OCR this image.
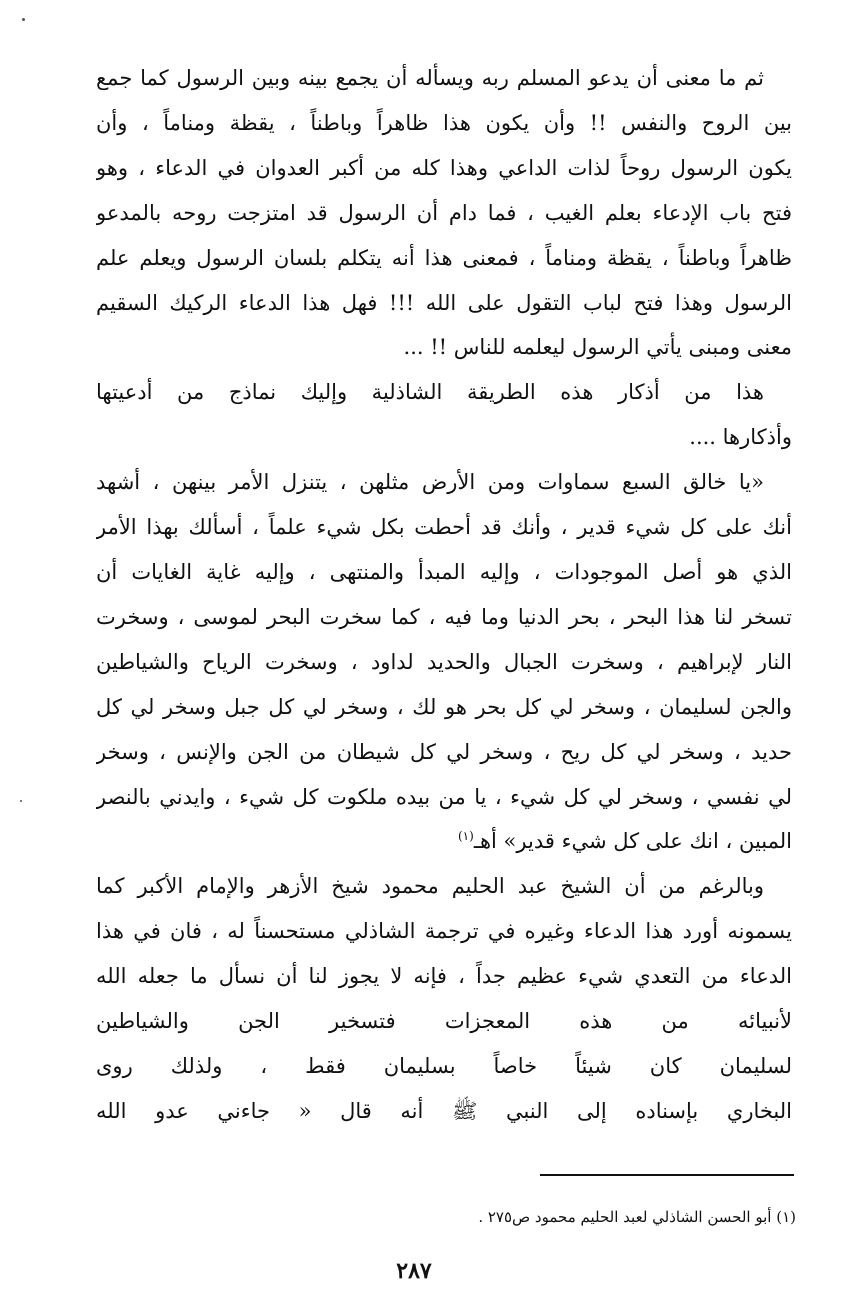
ثم ما معنى أن يدعو المسلم ربه ويسأله أن يجمع بينه وبين الرسول كما جمع
بين الروح والنفس !! وأن يكون هذا ظاهراً وباطناً ، يقظة ومناماً ، وأن
يكون الرسول روحاً لذات الداعي وهذا كله من أكبر العدوان في الدعاء ، وهو
فتح باب الإدعاء بعلم الغيب ، فما دام أن الرسول قد امتزجت روحه بالمدعو
ظاهراً وباطناً ، يقظة ومناماً ، فمعنى هذا أنه يتكلم بلسان الرسول ويعلم علم
الرسول وهذا فتح لباب التقول على الله !!! فهل هذا الدعاء الركيك السقيم
معنى ومبنى يأتي الرسول ليعلمه للناس !! ...

هذا من أذكار هذه الطريقة الشاذلية وإليك نماذج من أدعيتها
وأذكارها ....

«يا خالق السبع سماوات ومن الأرض مثلهن ، يتنزل الأمر بينهن ، أشهد
أنك على كل شيء قدير ، وأنك قد أحطت بكل شيء علماً ، أسألك بهذا الأمر
الذي هو أصل الموجودات ، وإليه المبدأ والمنتهى ، وإليه غاية الغايات أن
تسخر لنا هذا البحر ، بحر الدنيا وما فيه ، كما سخرت البحر لموسى ، وسخرت
النار لإبراهيم ، وسخرت الجبال والحديد لداود ، وسخرت الرياح والشياطين
والجن لسليمان ، وسخر لي كل بحر هو لك ، وسخر لي كل جبل وسخر لي كل
حديد ، وسخر لي كل ريح ، وسخر لي كل شيطان من الجن والإنس ، وسخر
لي نفسي ، وسخر لي كل شيء ، يا من بيده ملكوت كل شيء ، وايدني بالنصر
المبين ، انك على كل شيء قدير» أهـ$^{(١)}$

وبالرغم من أن الشيخ عبد الحليم محمود شيخ الأزهر والإمام الأكبر كما
يسمونه أورد هذا الدعاء وغيره في ترجمة الشاذلي مستحسناً له ، فان في هذا
الدعاء من التعدي شيء عظيم جداً ، فإنه لا يجوز لنا أن نسأل ما جعله الله
لأنبيائه من هذه المعجزات فتسخير الجن والشياطين
لسليمان كان شيئاً خاصاً بسليمان فقط ، ولذلك روى
البخاري بإسناده إلى النبي ﷺ أنه قال « جاءني عدو الله

(١) أبو الحسن الشاذلي لعبد الحليم محمود ص٢٧٥ .
٢٨٧
